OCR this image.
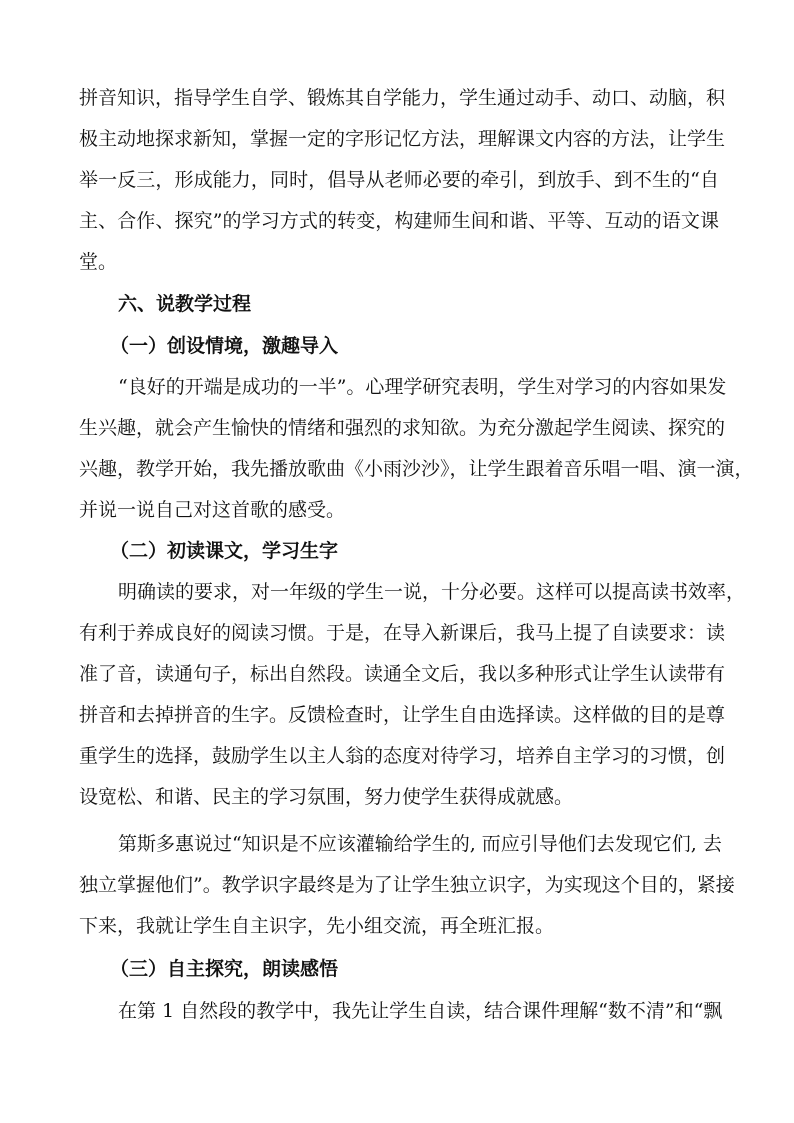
拼音知识，指导学生自学、锻炼其自学能力，学生通过动手、动口、动脑，积
极主动地探求新知，掌握一定的字形记忆方法，理解课文内容的方法，让学生
举一反三，形成能力，同时，倡导从老师必要的牵引，到放手、到不生的“自
主、合作、探究”的学习方式的转变，构建师生间和谐、平等、互动的语文课
堂。
六、说教学过程
（一）创设情境，激趣导入
“良好的开端是成功的一半”。心理学研究表明，学生对学习的内容如果发
生兴趣，就会产生愉快的情绪和强烈的求知欲。为充分激起学生阅读、探究的
兴趣，教学开始，我先播放歌曲《小雨沙沙》，让学生跟着音乐唱一唱、演一演，
并说一说自己对这首歌的感受。
（二）初读课文，学习生字
明确读的要求，对一年级的学生一说，十分必要。这样可以提高读书效率，
有利于养成良好的阅读习惯。于是，在导入新课后，我马上提了自读要求：读
准了音，读通句子，标出自然段。读通全文后，我以多种形式让学生认读带有
拼音和去掉拼音的生字。反馈检查时，让学生自由选择读。这样做的目的是尊
重学生的选择，鼓励学生以主人翁的态度对待学习，培养自主学习的习惯，创
设宽松、和谐、民主的学习氛围，努力使学生获得成就感。
第斯多惠说过“知识是不应该灌输给学生的, 而应引导他们去发现它们, 去
独立掌握他们”。教学识字最终是为了让学生独立识字，为实现这个目的，紧接
下来，我就让学生自主识字，先小组交流，再全班汇报。
（三）自主探究，朗读感悟
在第 1 自然段的教学中，我先让学生自读，结合课件理解“数不清”和“飘
